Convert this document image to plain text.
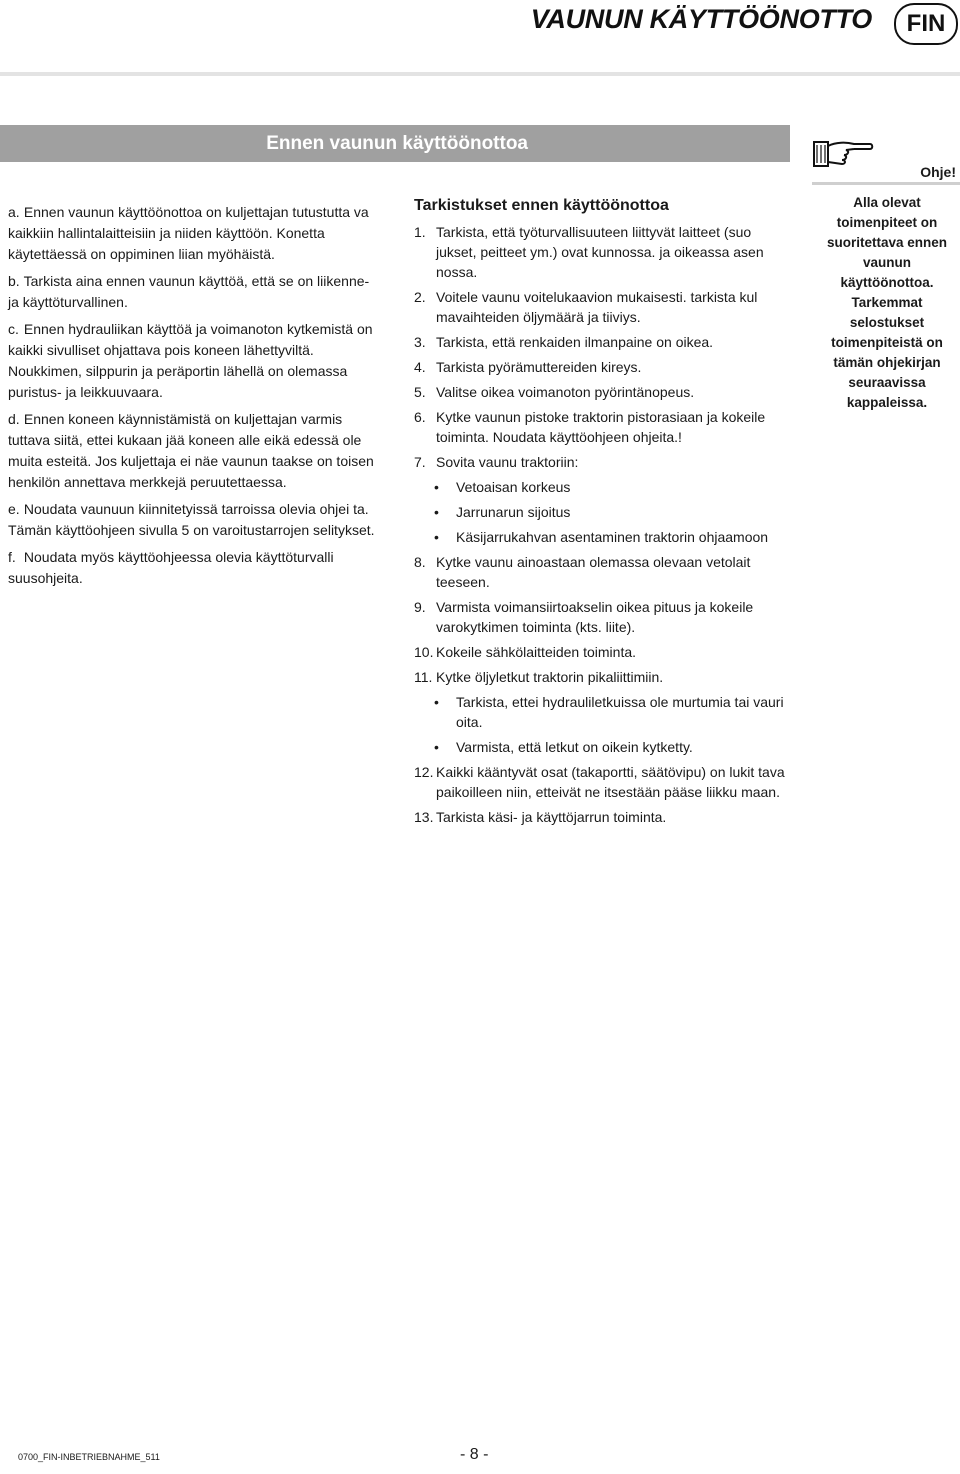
VAUNUN KÄYTTÖÖNOTTO	FIN
Ennen vaunun käyttöönottoa

a. Ennen vaunun käyttöönottoa on kuljettajan tutustutta va kaikkiin hallintalaitteisiin ja niiden käyttöön. Konetta käytettäessä on oppiminen liian myöhäistä.

b. Tarkista aina ennen vaunun käyttöä, että se on liikenne- ja käyttöturvallinen.

c. Ennen hydrauliikan käyttöä ja voimanoton kytkemistä on kaikki sivulliset ohjattava pois koneen lähettyviltä. Noukkimen, silppurin ja peräportin lähellä on olemassa puristus- ja leikkuuvaara.

d. Ennen koneen käynnistämistä on kuljettajan varmis tuttava siitä, ettei kukaan jää koneen alle eikä edessä ole muita esteitä. Jos kuljettaja ei näe vaunun taakse on toisen henkilön annettava merkkejä peruutettaessa.

e. Noudata vaunuun kiinnitetyissä tarroissa olevia ohjei ta. Tämän käyttöohjeen sivulla 5 on varoitustarrojen selitykset.

f. Noudata myös käyttöohjeessa olevia käyttöturvalli suusohjeita.

Tarkistukset ennen käyttöönottoa
1. Tarkista, että työturvallisuuteen liittyvät laitteet (suo jukset, peitteet ym.) ovat kunnossa. ja oikeassa asen nossa.
2. Voitele vaunu voitelukaavion mukaisesti. tarkista kul mavaihteiden öljymäärä ja tiiviys.
3. Tarkista, että renkaiden ilmanpaine on oikea.
4. Tarkista pyörämuttereiden kireys.
5. Valitse oikea voimanoton pyörintänopeus.
6. Kytke vaunun pistoke traktorin pistorasiaan ja kokeile toiminta. Noudata käyttöohjeen ohjeita.!
7. Sovita vaunu traktoriin:
•	Vetoaisan korkeus
•	Jarrunarun sijoitus
•	Käsijarrukahvan asentaminen traktorin ohjaamoon
8. Kytke vaunu ainoastaan olemassa olevaan vetolait teeseen.
9. Varmista voimansiirtoakselin oikea pituus ja kokeile varokytkimen toiminta (kts. liite).
10. Kokeile sähkölaitteiden toiminta.
11. Kytke öljyletkut traktorin pikaliittimiin.
•	Tarkista, ettei hydrauliletkuissa ole murtumia tai vauri oita.
•	Varmista, että letkut on oikein kytketty.
12. Kaikki kääntyvät osat (takaportti, säätövipu) on lukit tava paikoilleen niin, etteivät ne itsestään pääse liikku maan.
13. Tarkista käsi- ja käyttöjarrun toiminta.
Ohje!
Alla olevat toimenpiteet on suoritettava ennen vaunun käyttöönottoa. Tarkemmat selostukset toimenpiteistä on tämän ohjekirjan seuraavissa kappaleissa.
0700_FIN-INBETRIEBNAHME_511	- 8 -
